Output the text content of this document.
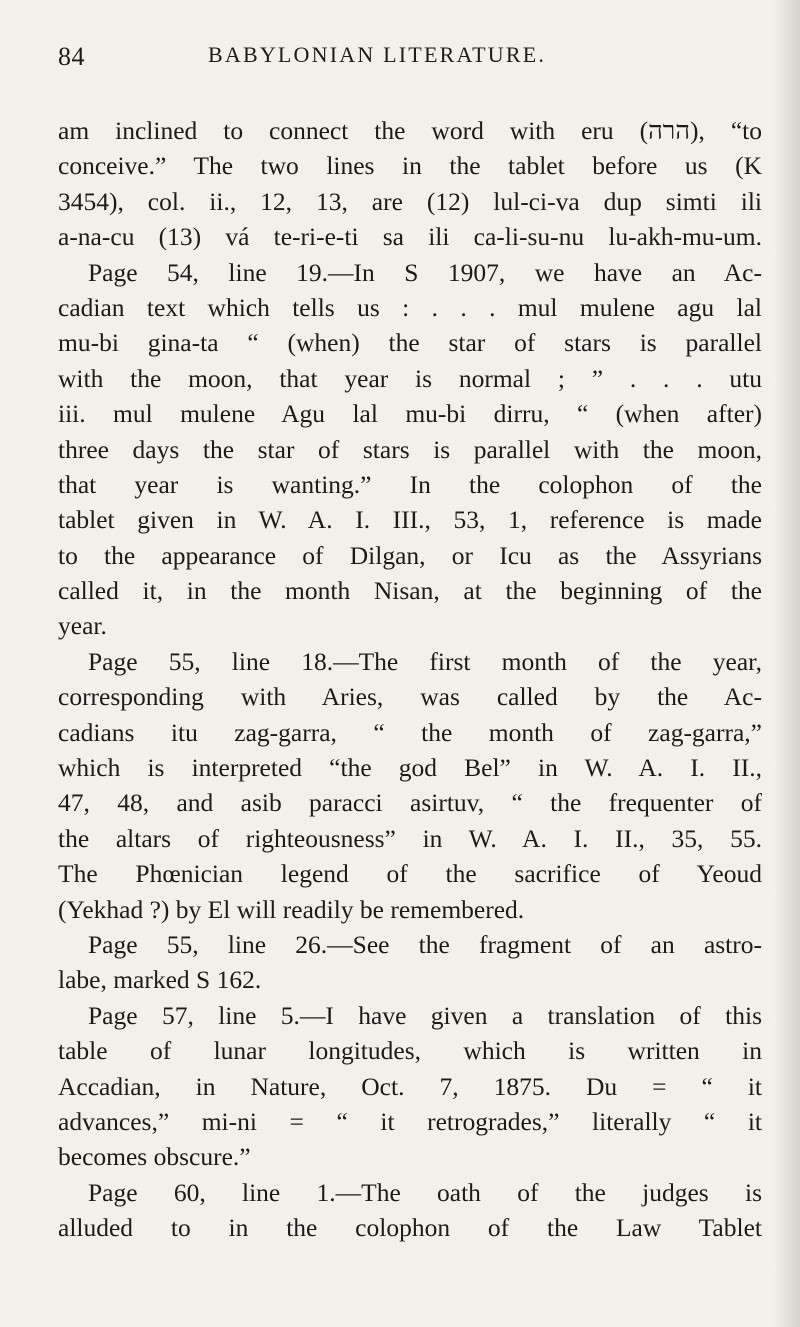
84	BABYLONIAN LITERATURE.
am inclined to connect the word with eru (הרה), “to
conceive.” The two lines in the tablet before us (K
3454), col. ii., 12, 13, are (12) lul-ci-va dup simti ili
a-na-cu (13) vá te-ri-e-ti sa ili ca-li-su-nu lu-akh-mu-um.
Page 54, line 19.—In S 1907, we have an Ac-
cadian text which tells us : . . . mul mulene agu lal
mu-bi gina-ta “ (when) the star of stars is parallel
with the moon, that year is normal ; ” . . . utu
iii. mul mulene Agu lal mu-bi dirru, “ (when after)
three days the star of stars is parallel with the moon,
that year is wanting.” In the colophon of the
tablet given in W. A. I. III., 53, 1, reference is made
to the appearance of Dilgan, or Icu as the Assyrians
called it, in the month Nisan, at the beginning of the
year.
Page 55, line 18.—The first month of the year,
corresponding with Aries, was called by the Ac-
cadians itu zag-garra, “ the month of zag-garra,”
which is interpreted “the god Bel” in W. A. I. II.,
47, 48, and asib paracci asirtuv, “ the frequenter of
the altars of righteousness” in W. A. I. II., 35, 55.
The Phœnician legend of the sacrifice of Yeoud
(Yekhad ?) by El will readily be remembered.
Page 55, line 26.—See the fragment of an astro-
labe, marked S 162.
Page 57, line 5.—I have given a translation of this
table of lunar longitudes, which is written in
Accadian, in Nature, Oct. 7, 1875. Du = “ it
advances,” mi-ni = “ it retrogrades,” literally “ it
becomes obscure.”
Page 60, line 1.—The oath of the judges is
alluded to in the colophon of the Law Tablet
